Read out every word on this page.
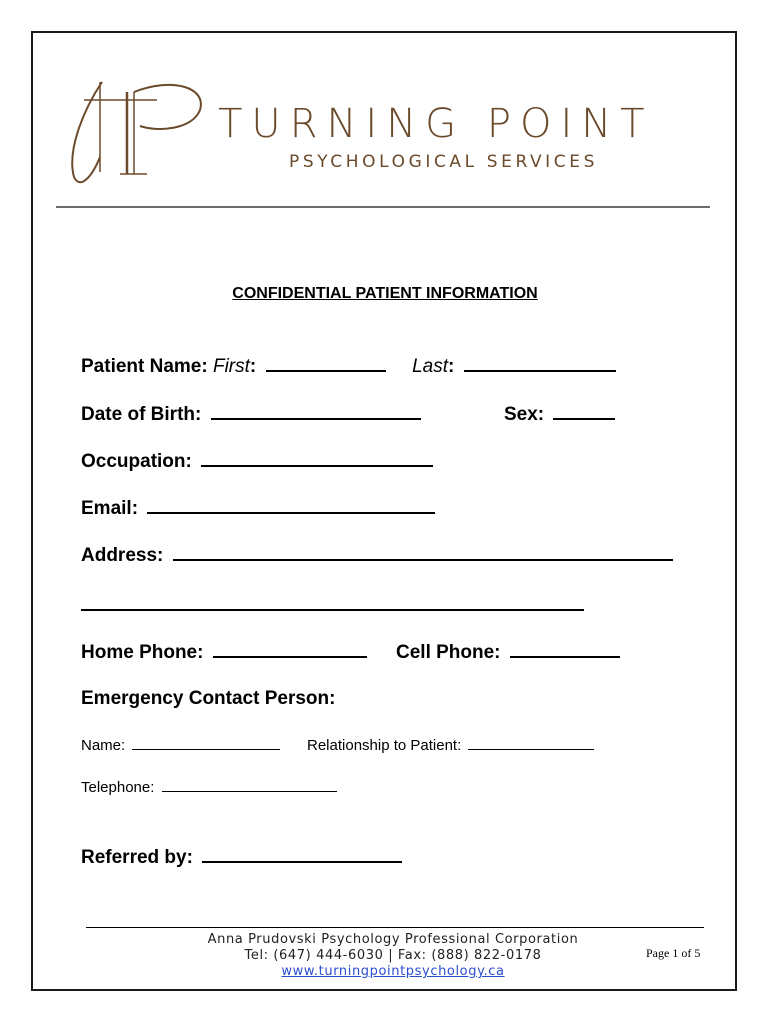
TURNING POINT
PSYCHOLOGICAL SERVICES
CONFIDENTIAL PATIENT INFORMATION
Patient Name: First:	Last:
Date of Birth:	Sex:
Occupation:
Email:
Address:
Home Phone:	Cell Phone:
Emergency Contact Person:
Name:	Relationship to Patient:
Telephone:
Referred by:
Anna Prudovski Psychology Professional Corporation
Tel: (647) 444-6030 | Fax: (888) 822-0178
www.turningpointpsychology.ca
Page 1 of 5
